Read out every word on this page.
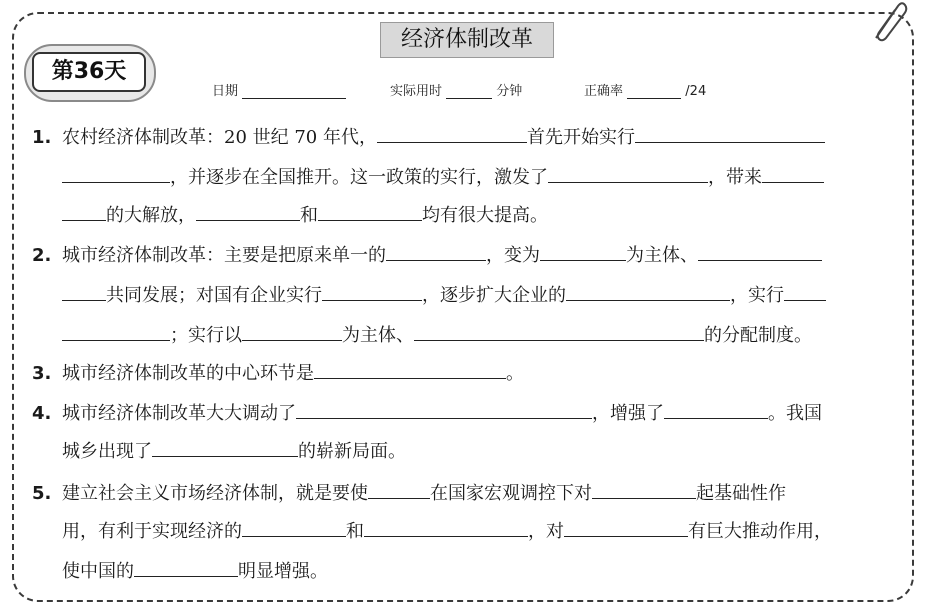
经济体制改革
第36天
日期	实际用时	分钟	正确率	/24
1. 农村经济体制改革：20 世纪 70 年代，	首先开始实行
，并逐步在全国推开。这一政策的实行，激发了	，带来
的大解放，	和	均有很大提高。
2. 城市经济体制改革：主要是把原来单一的	，变为	为主体、
共同发展；对国有企业实行	，逐步扩大企业的	，实行
；实行以	为主体、	的分配制度。
3. 城市经济体制改革的中心环节是	。
4. 城市经济体制改革大大调动了	，增强了	。我国
城乡出现了	的崭新局面。
5. 建立社会主义市场经济体制，就是要使	在国家宏观调控下对	起基础性作
用，有利于实现经济的	和	，对	有巨大推动作用，
使中国的	明显增强。
